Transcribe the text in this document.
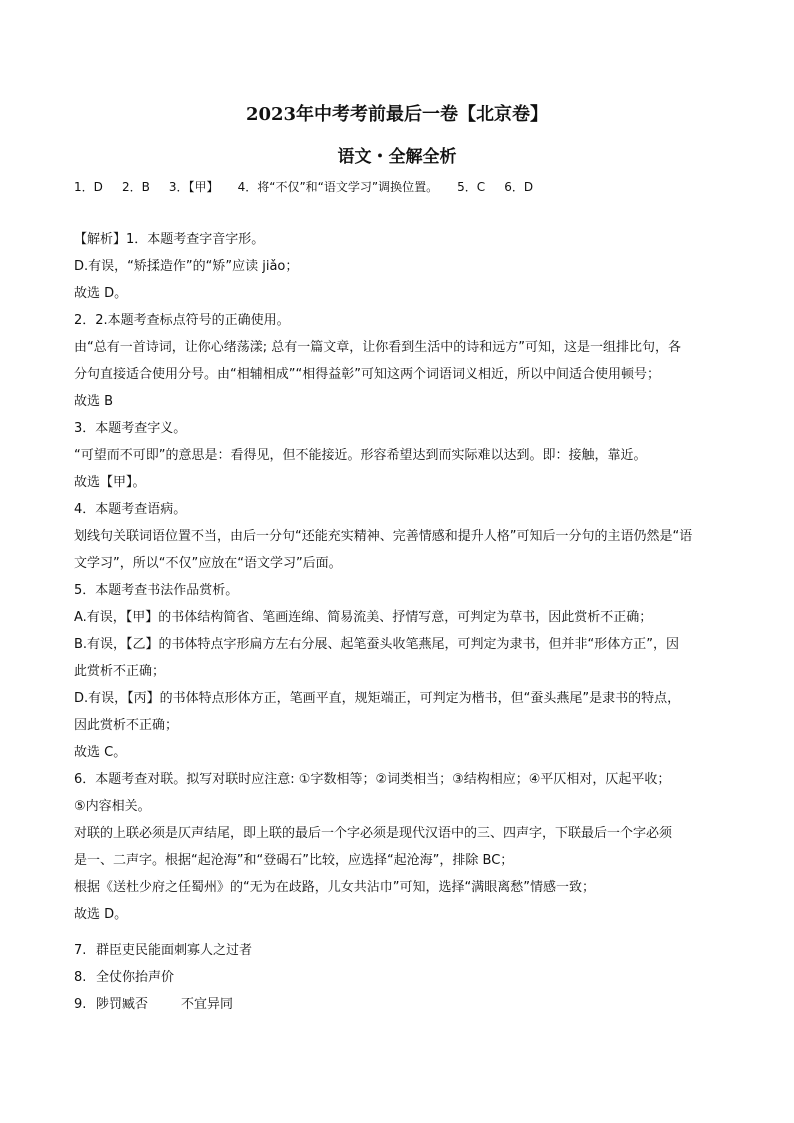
2023年中考考前最后一卷【北京卷】
语文・全解全析
1．D     2．B     3．【甲】     4．将“不仅”和“语文学习”调换位置。     5．C     6．D
【解析】1．本题考查字音字形。
D.有误，“矫揉造作”的“矫”应读 jiǎo；
故选 D。
2．2.本题考查标点符号的正确使用。
由“总有一首诗词，让你心绪荡漾; 总有一篇文章，让你看到生活中的诗和远方”可知，这是一组排比句，各
分句直接适合使用分号。由“相辅相成”“相得益彰”可知这两个词语词义相近，所以中间适合使用顿号；
故选 B
3．本题考查字义。
“可望而不可即”的意思是：看得见，但不能接近。形容希望达到而实际难以达到。即：接触，靠近。
故选【甲】。
4．本题考查语病。
划线句关联词语位置不当，由后一分句“还能充实精神、完善情感和提升人格”可知后一分句的主语仍然是“语
文学习”，所以“不仅”应放在“语文学习”后面。
5．本题考查书法作品赏析。
A.有误，【甲】的书体结构简省、笔画连绵、简易流美、抒情写意，可判定为草书，因此赏析不正确；
B.有误，【乙】的书体特点字形扁方左右分展、起笔蚕头收笔燕尾，可判定为隶书，但并非“形体方正”，因
此赏析不正确；
D.有误，【丙】的书体特点形体方正，笔画平直，规矩端正，可判定为楷书，但“蚕头燕尾”是隶书的特点，
因此赏析不正确；
故选 C。
6．本题考查对联。拟写对联时应注意: ①字数相等；②词类相当；③结构相应；④平仄相对，仄起平收；
⑤内容相关。
对联的上联必须是仄声结尾，即上联的最后一个字必须是现代汉语中的三、四声字，下联最后一个字必须
是一、二声字。根据“起沧海”和“登碣石”比较，应选择“起沧海”，排除 BC；
根据《送杜少府之任蜀州》的“无为在歧路，儿女共沾巾”可知，选择“满眼离愁”情感一致；
故选 D。
7. 群臣吏民能面刺寡人之过者
8. 全仗你抬声价
9. 陟罚臧否        不宜异同
